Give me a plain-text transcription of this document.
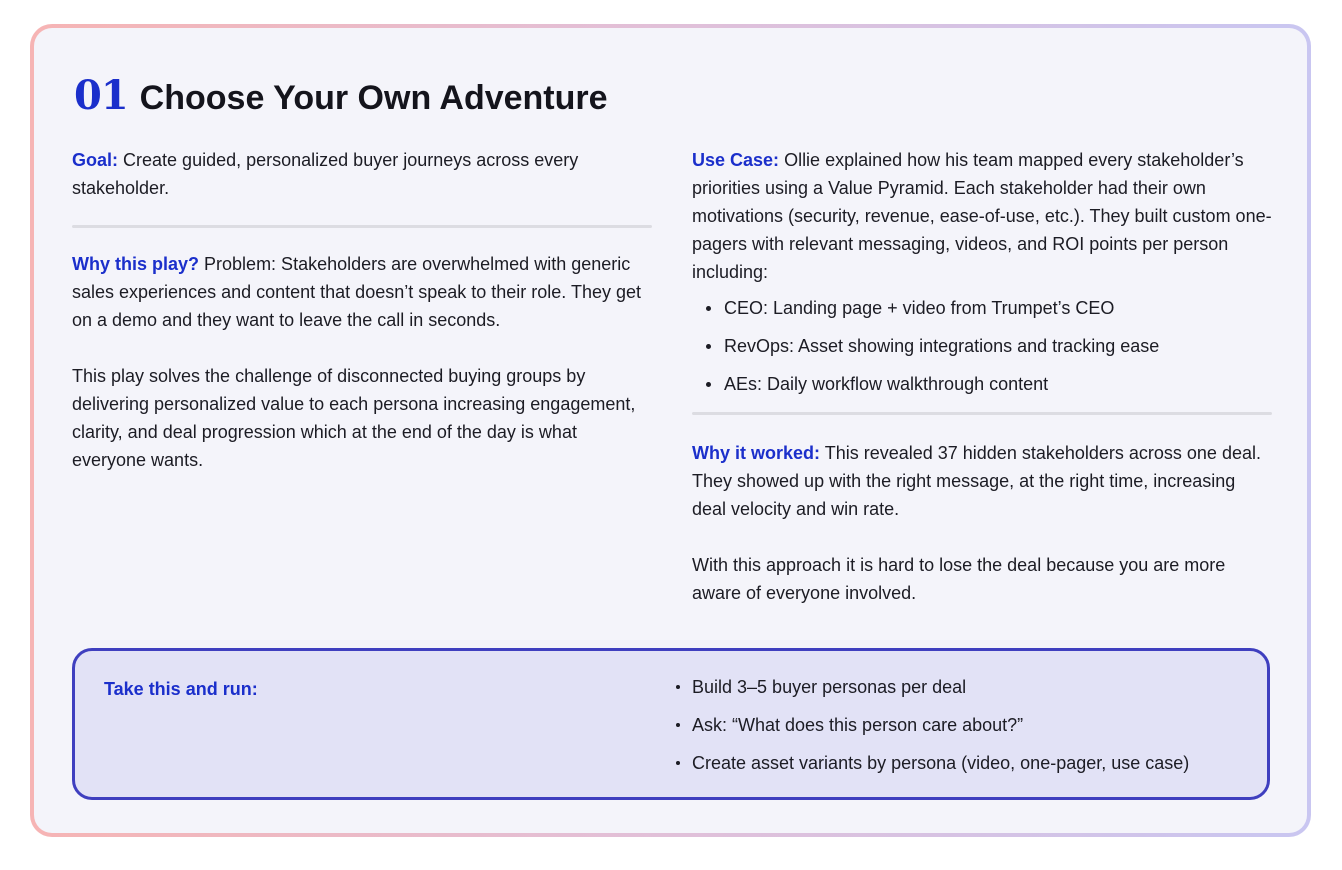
01 Choose Your Own Adventure

Goal: Create guided, personalized buyer journeys across every stakeholder.

Why this play? Problem: Stakeholders are overwhelmed with generic sales experiences and content that doesn’t speak to their role. They get on a demo and they want to leave the call in seconds.

This play solves the challenge of disconnected buying groups by delivering personalized value to each persona increasing engagement, clarity, and deal progression which at the end of the day is what everyone wants.

Use Case: Ollie explained how his team mapped every stakeholder’s priorities using a Value Pyramid. Each stakeholder had their own motivations (security, revenue, ease-of-use, etc.). They built custom one-pagers with relevant messaging, videos, and ROI points per person including:

CEO: Landing page + video from Trumpet’s CEO
RevOps: Asset showing integrations and tracking ease
AEs: Daily workflow walkthrough content

Why it worked: This revealed 37 hidden stakeholders across one deal. They showed up with the right message, at the right time, increasing deal velocity and win rate.

With this approach it is hard to lose the deal because you are more aware of everyone involved.

Take this and run:	Build 3–5 buyer personas per deal
Ask: “What does this person care about?”
Create asset variants by persona (video, one-pager, use case)
